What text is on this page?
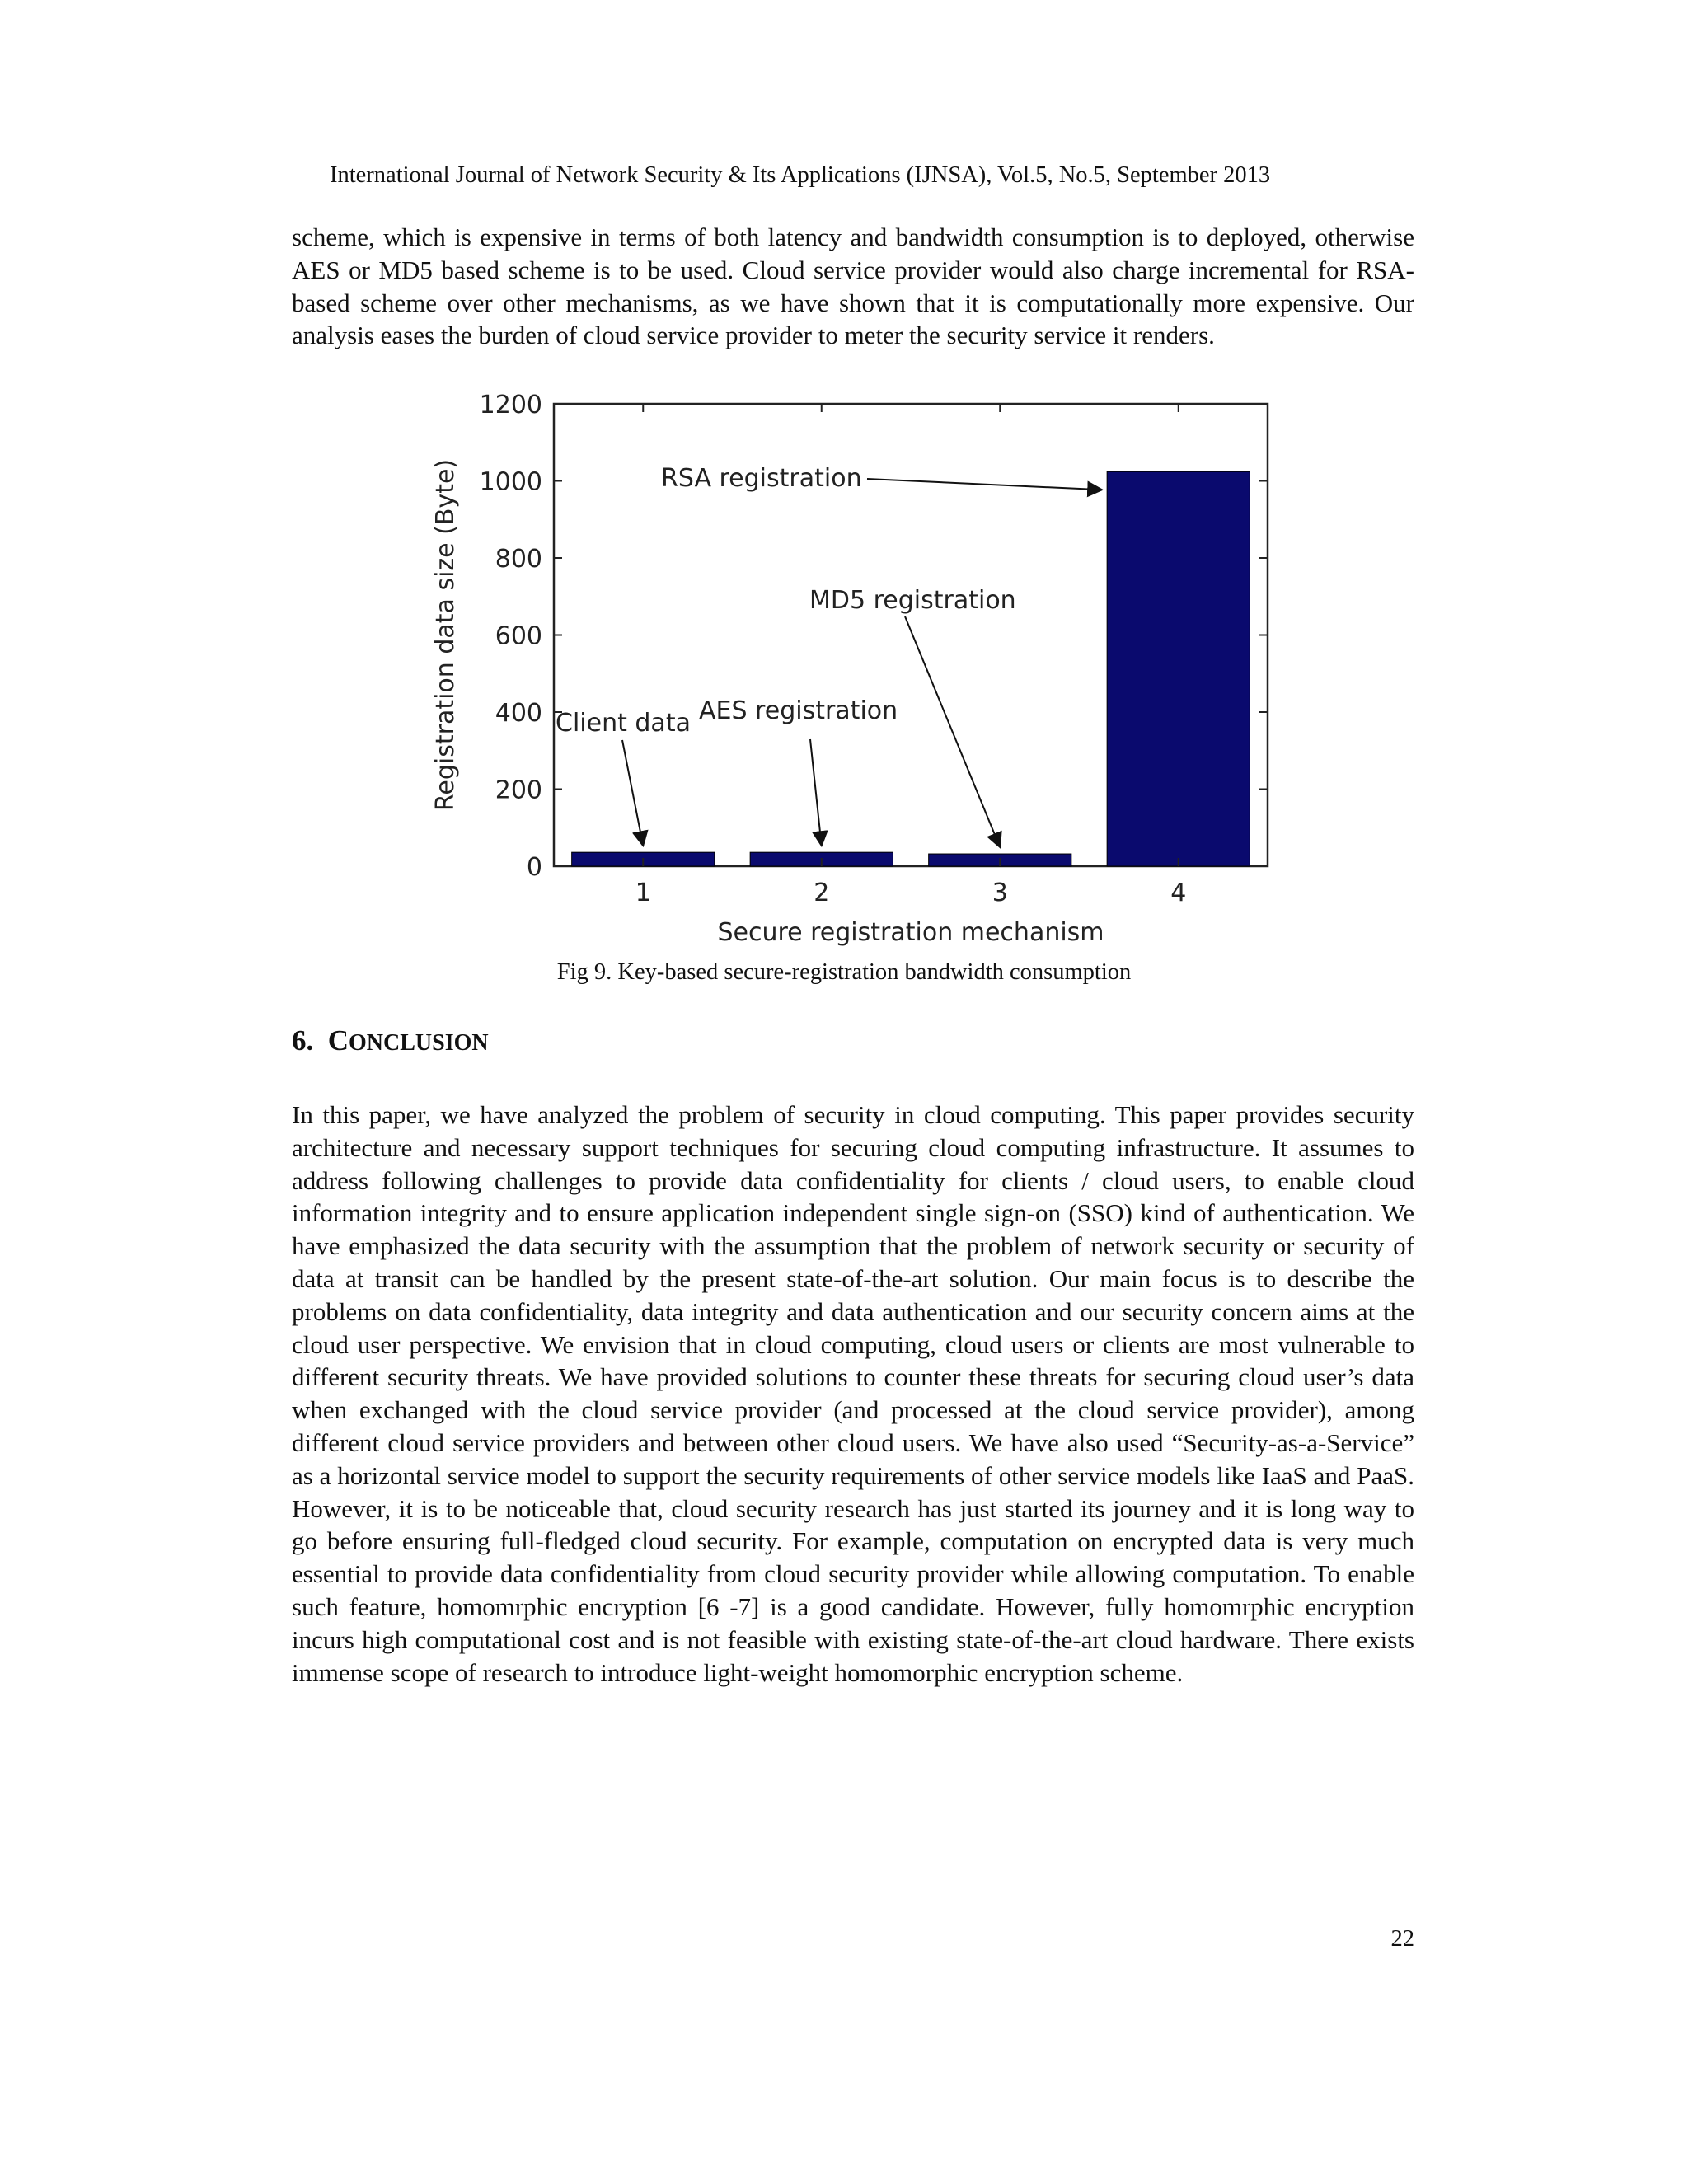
International Journal of Network Security & Its Applications (IJNSA), Vol.5, No.5, September 2013

scheme, which is expensive in terms of both latency and bandwidth consumption is to deployed, otherwise AES or MD5 based scheme is to be used. Cloud service provider would also charge incremental for RSA-based scheme over other mechanisms, as we have shown that it is computationally more expensive. Our analysis eases the burden of cloud service provider to meter the security service it renders.

0
200
400
600
800
1000
1200
1	2	3	4
Secure registration mechanism
Registration data size (Byte)	Client data AES registration
MD5 registration
RSA registration

Fig 9. Key-based secure-registration bandwidth consumption

6. CONCLUSION

In this paper, we have analyzed the problem of security in cloud computing. This paper provides security architecture and necessary support techniques for securing cloud computing infrastructure. It assumes to address following challenges to provide data confidentiality for clients / cloud users, to enable cloud information integrity and to ensure application independent single sign-on (SSO) kind of authentication. We have emphasized the data security with the assumption that the problem of network security or security of data at transit can be handled by the present state-of-the-art solution. Our main focus is to describe the problems on data confidentiality, data integrity and data authentication and our security concern aims at the cloud user perspective. We envision that in cloud computing, cloud users or clients are most vulnerable to different security threats. We have provided solutions to counter these threats for securing cloud user’s data when exchanged with the cloud service provider (and processed at the cloud service provider), among different cloud service providers and between other cloud users. We have also used “Security-as-a-Service” as a horizontal service model to support the security requirements of other service models like IaaS and PaaS. However, it is to be noticeable that, cloud security research has just started its journey and it is long way to go before ensuring full-fledged cloud security. For example, computation on encrypted data is very much essential to provide data confidentiality from cloud security provider while allowing computation. To enable such feature, homomrphic encryption [6 -7] is a good candidate. However, fully homomrphic encryption incurs high computational cost and is not feasible with existing state-of-the-art cloud hardware. There exists immense scope of research to introduce light-weight homomorphic encryption scheme.

22
